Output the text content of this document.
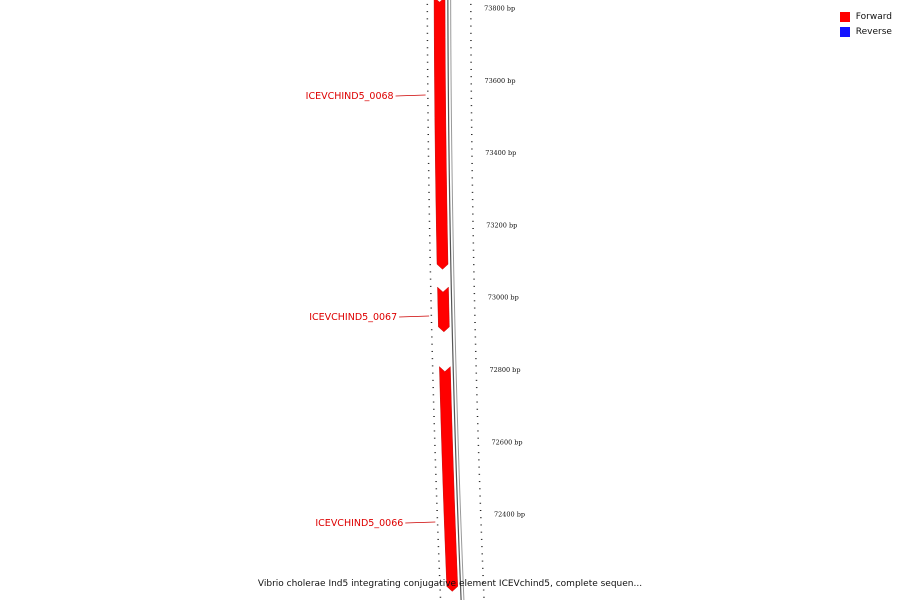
73800 bp
73600 bp
73400 bp
73200 bp
73000 bp
72800 bp
72600 bp
72400 bp
ICEVCHIND5_0068
ICEVCHIND5_0067
ICEVCHIND5_0066
Forward
Reverse
Vibrio cholerae Ind5 integrating conjugative element ICEVchind5, complete sequen...
